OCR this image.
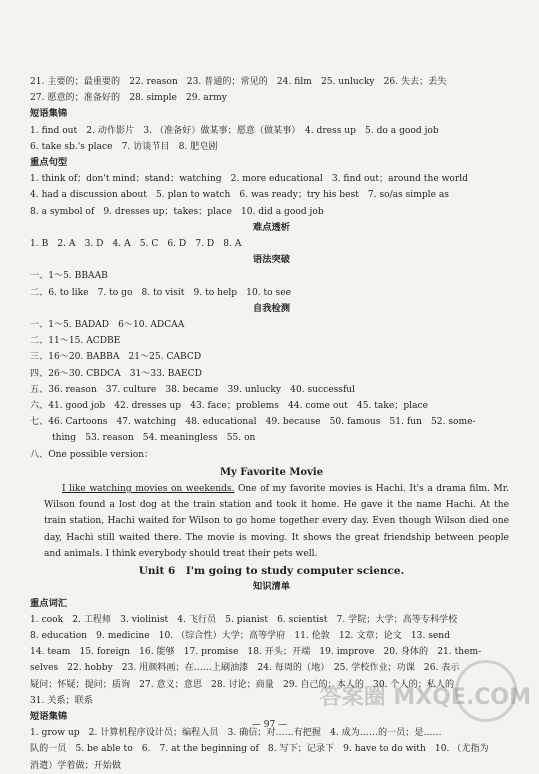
21. 主要的；最重要的　22. reason　23. 普通的；常见的　24. film　25. unlucky　26. 失去；丢失
27. 愿意的；准备好的　28. simple　29. army
短语集锦
1. find out　2. 动作影片　3. （准备好）做某事；愿意（做某事）　4. dress up　5. do a good job
6. take sb.'s place　7. 访谈节目　8. 肥皂剧
重点句型
1. think of；don't mind；stand；watching　2. more educational　3. find out；around the world
4. had a discussion about　5. plan to watch　6. was ready；try his best　7. so/as simple as
8. a symbol of　9. dresses up；takes；place　10. did a good job
难点透析
1. B　2. A　3. D　4. A　5. C　6. D　7. D　8. A
语法突破
一、1～5. BBAAB
二、6. to like　7. to go　8. to visit　9. to help　10. to see
自我检测
一、1～5. BADAD　6～10. ADCAA
二、11～15. ACDBE
三、16～20. BABBA　21～25. CABCD
四、26～30. CBDCA　31～33. BAECD
五、36. reason　37. culture　38. became　39. unlucky　40. successful
六、41. good job　42. dresses up　43. face；problems　44. come out　45. take；place
七、46. Cartoons　47. watching　48. educational　49. because　50. famous　51. fun　52. some-
thing　53. reason　54. meaningless　55. on
八、One possible version：
My Favorite Movie
I like watching movies on weekends. One of my favorite movies is Hachi. It's a drama film. Mr. Wilson found a lost dog at the train station and took it home. He gave it the name Hachi. At the train station, Hachi waited for Wilson to go home together every day. Even though Wilson died one day, Hachi still waited there. The movie is moving. It shows the great friendship between people and animals. I think everybody should treat their pets well.
Unit 6　I'm going to study computer science.
知识清单
重点词汇
1. cook　2. 工程师　3. violinist　4. 飞行员　5. pianist　6. scientist　7. 学院；大学；高等专科学校
8. education　9. medicine　10. （综合性）大学；高等学府　11. 伦敦　12. 文章；论文　13. send
14. team　15. foreign　16. 能够　17. promise　18. 开头；开端　19. improve　20. 身体的　21. them-
selves　22. hobby　23. 用颜料画；在……上刷油漆　24. 每周的（地）　25. 学校作业；功课　26. 表示
疑问；怀疑；提问；质询　27. 意义；意思　28. 讨论；商量　29. 自己的；本人的　30. 个人的；私人的
31. 关系；联系
短语集锦
1. grow up　2. 计算机程序设计员；编程人员　3. 确信；对……有把握　4. 成为……的一员；是……
队的一员　5. be able to　6.　7. at the beginning of　8. 写下；记录下　9. have to do with　10. （尤指为
消遣）学着做；开始做
答案圈 MXQE.COM
— 97 —
